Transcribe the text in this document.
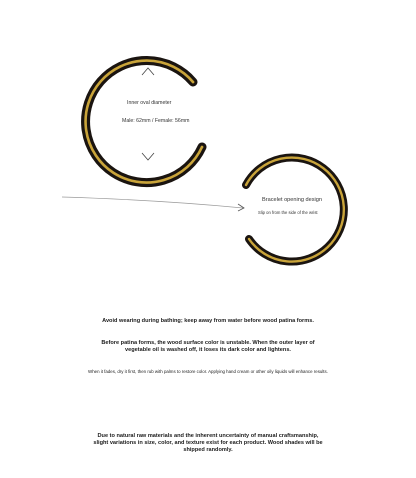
Inner oval diameter
Male: 62mm / Female: 56mm
Bracelet opening design
Slip on from the side of the wrist
Avoid wearing during bathing; keep away from water before wood patina forms.
Before patina forms, the wood surface color is unstable. When the outer layer of
vegetable oil is washed off, it loses its dark color and lightens.
When it fades, dry it first, then rub with palms to restore color. Applying hand cream or other oily liquids will enhance results.
Due to natural raw materials and the inherent uncertainty of manual craftsmanship,
slight variations in size, color, and texture exist for each product. Wood shades will be
shipped randomly.
